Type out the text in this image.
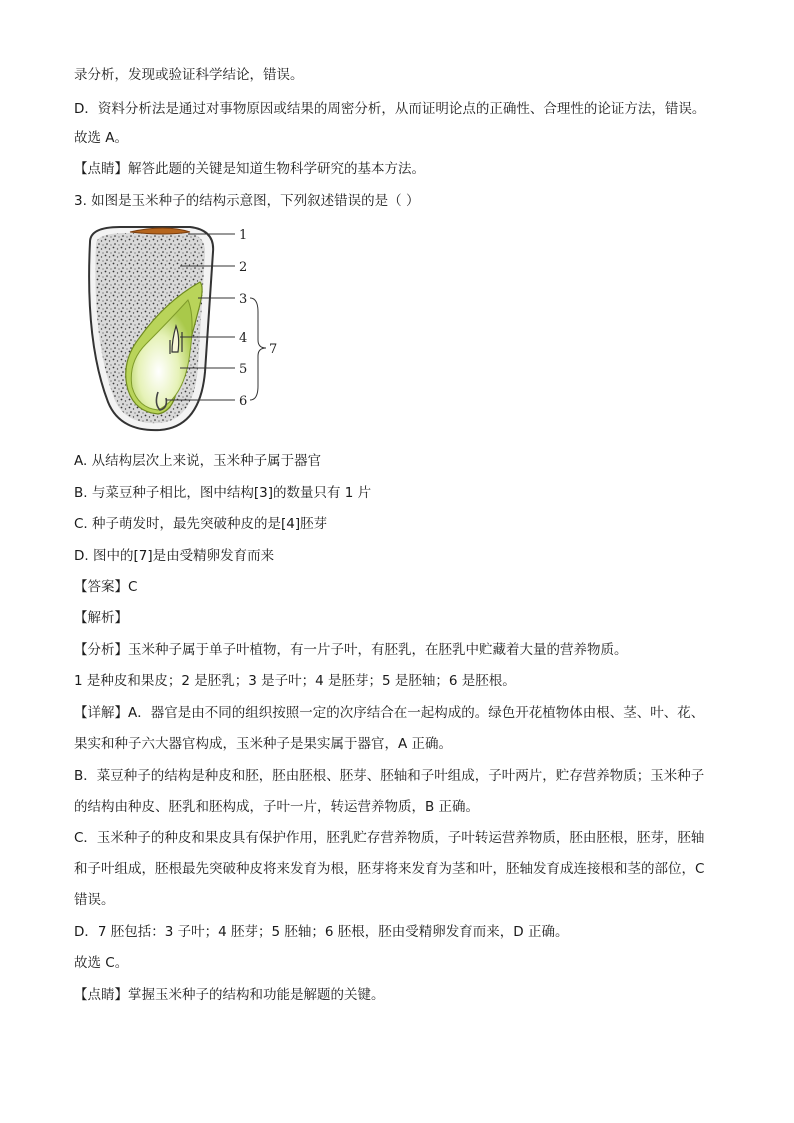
录分析，发现或验证科学结论，错误。
D．资料分析法是通过对事物原因或结果的周密分析，从而证明论点的正确性、合理性的论证方法，错误。
故选 A。
【点睛】解答此题的关键是知道生物科学研究的基本方法。
3. 如图是玉米种子的结构示意图，下列叙述错误的是（ ）
1
2
3
4
5
6
7
A. 从结构层次上来说，玉米种子属于器官
B. 与菜豆种子相比，图中结构[3]的数量只有 1 片
C. 种子萌发时，最先突破种皮的是[4]胚芽
D. 图中的[7]是由受精卵发育而来
【答案】C
【解析】
【分析】玉米种子属于单子叶植物，有一片子叶，有胚乳，在胚乳中贮藏着大量的营养物质。
1 是种皮和果皮；2 是胚乳；3 是子叶；4 是胚芽；5 是胚轴；6 是胚根。
【详解】A．器官是由不同的组织按照一定的次序结合在一起构成的。绿色开花植物体由根、茎、叶、花、
果实和种子六大器官构成，玉米种子是果实属于器官，A 正确。
B．菜豆种子的结构是种皮和胚，胚由胚根、胚芽、胚轴和子叶组成，子叶两片，贮存营养物质；玉米种子
的结构由种皮、胚乳和胚构成，子叶一片，转运营养物质，B 正确。
C．玉米种子的种皮和果皮具有保护作用，胚乳贮存营养物质，子叶转运营养物质，胚由胚根，胚芽，胚轴
和子叶组成，胚根最先突破种皮将来发育为根，胚芽将来发育为茎和叶，胚轴发育成连接根和茎的部位，C
错误。
D．7 胚包括：3 子叶；4 胚芽；5 胚轴；6 胚根，胚由受精卵发育而来，D 正确。
故选 C。
【点睛】掌握玉米种子的结构和功能是解题的关键。
